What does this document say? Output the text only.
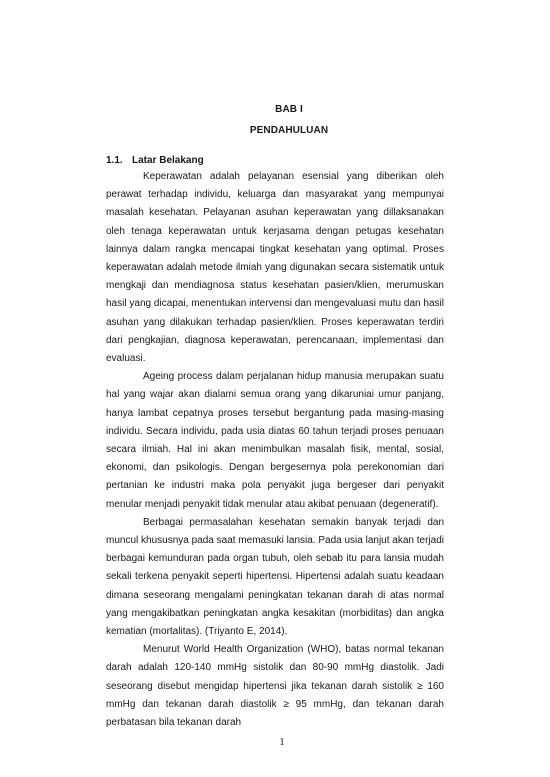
BAB I
PENDAHULUAN
1.1. Latar Belakang

Keperawatan adalah pelayanan esensial yang diberikan oleh perawat terhadap individu, keluarga dan masyarakat yang mempunyai masalah kesehatan. Pelayanan asuhan keperawatan yang dillaksanakan oleh tenaga keperawatan untuk kerjasama dengan petugas kesehatan lainnya dalam rangka mencapai tingkat kesehatan yang optimal. Proses keperawatan adalah metode ilmiah yang digunakan secara sistematik untuk mengkaji dan mendiagnosa status kesehatan pasien/klien, merumuskan hasil yang dicapai, menentukan intervensi dan mengevaluasi mutu dan hasil asuhan yang dilakukan terhadap pasien/klien. Proses keperawatan terdiri dari pengkajian, diagnosa keperawatan, perencanaan, implementasi dan evaluasi.

Ageing process dalam perjalanan hidup manusia merupakan suatu hal yang wajar akan dialami semua orang yang dikaruniai umur panjang, hanya lambat cepatnya proses tersebut bergantung pada masing-masing individu. Secara individu, pada usia diatas 60 tahun terjadi proses penuaan secara ilmiah. Hal ini akan menimbulkan masalah fisik, mental, sosial, ekonomi, dan psikologis. Dengan bergesernya pola perekonomian dari pertanian ke industri maka pola penyakit juga bergeser dari penyakit menular menjadi penyakit tidak menular atau akibat penuaan (degeneratif).

Berbagai permasalahan kesehatan semakin banyak terjadi dan muncul khususnya pada saat memasuki lansia. Pada usia lanjut akan terjadi berbagai kemunduran pada organ tubuh, oleh sebab itu para lansia mudah sekali terkena penyakit seperti hipertensi. Hipertensi adalah suatu keadaan dimana seseorang mengalami peningkatan tekanan darah di atas normal yang mengakibatkan peningkatan angka kesakitan (morbiditas) dan angka kematian (mortalitas). (Triyanto E, 2014).

Menurut World Health Organization (WHO), batas normal tekanan darah adalah 120-140 mmHg sistolik dan 80-90 mmHg diastolik. Jadi seseorang disebut mengidap hipertensi jika tekanan darah sistolik ≥ 160 mmHg dan tekanan darah diastolik ≥ 95 mmHg, dan tekanan darah perbatasan bila tekanan darah

1
